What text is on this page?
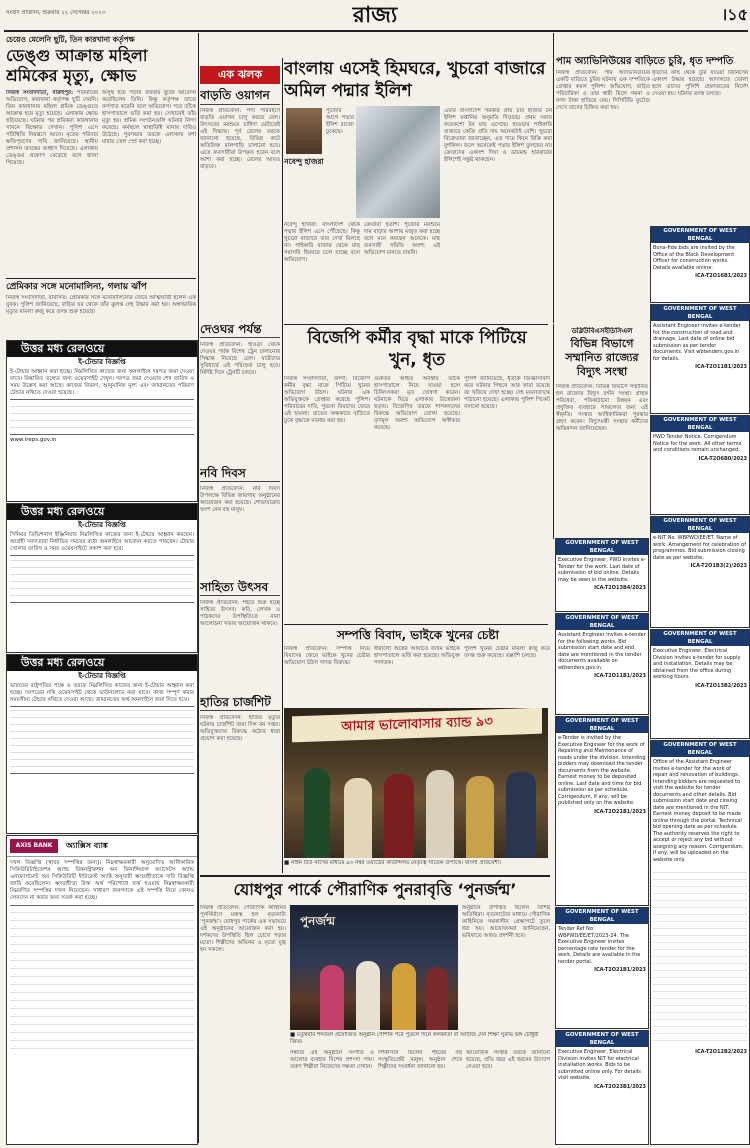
সংবাদ প্রতিদিন, শুক্রবার ২২ সেপ্টেম্বর ২০২৩	রাজ্য	।১৫
চেয়েও মেলেনি ছুটি, তিন কারখানা কর্তৃপক্ষ
ডেঙ্গু আক্রান্ত মহিলা শ্রমিকের মৃত্যু, ক্ষোভ
নিজস্ব সংবাদদাতা, বারুইপুর: পরিবারের অভিযোগ, কারখানা কর্তৃপক্ষ ছুটি দেয়নি। তিন কারখানার মহিলা শ্রমিক ডেঙ্গুতে আক্রান্ত হয়ে মৃত্যু হয়েছে। এলাকায় ক্ষোভ ছড়িয়েছে। ঘটনার পর শ্রমিকরা কারখানার সামনে বিক্ষোভ দেখান। পুলিশ এসে পরিস্থিতি নিয়ন্ত্রণে আনে। মৃতের পরিবার ক্ষতিপূরণের দাবি জানিয়েছে। স্থানীয় প্রশাসন তদন্তের আশ্বাস দিয়েছে। এলাকায় ডেঙ্গুর প্রকোপ বেড়েছে বলে জানা গিয়েছে।
অসুস্থ হয়ে পড়ায় বারবার ছুটির আবেদন করেছিলেন তিনি। কিন্তু কর্তৃপক্ষ তাতে কর্ণপাত করেনি বলে অভিযোগ। পরে তাঁকে হাসপাতালে ভর্তি করা হয়। সেখানেই তাঁর মৃত্যু হয়। শ্রমিক সংগঠনগুলি ঘটনার নিন্দা করেছে। কর্মস্থলে স্বাস্থ্যবিধি মানার দাবিও উঠেছে। পুরসভার তরফে এলাকায় মশা মারার তেল স্প্রে করা হচ্ছে।
প্রেমিকার সঙ্গে মনোমালিন্য, গলায় ঝাঁপ
নিজস্ব সংবাদদাতা, বারাসত: প্রেমিকার সঙ্গে মনোমালিন্যের জেরে আত্মঘাতী হলেন এক যুবক। পুলিশ জানিয়েছে, বাড়ির ঘর থেকে তাঁর ঝুলন্ত দেহ উদ্ধার করা হয়। অস্বাভাবিক মৃত্যুর মামলা রুজু করে তদন্ত শুরু হয়েছে।
উত্তর মধ্য রেলওয়ে
ই-টেন্ডার বিজ্ঞপ্তি
ই-টেন্ডার আহ্বান করা হচ্ছে। নিম্নলিখিত কাজের জন্য অনলাইনে দরপত্র জমা দেওয়া যাবে। বিস্তারিত তথ্যের জন্য ওয়েবসাইট দেখুন। দরপত্র জমা দেওয়ার শেষ তারিখ ও সময় উল্লেখ করা আছে। কাজের বিবরণ, আনুমানিক মূল্য এবং জামানতের পরিমাণ টেন্ডার নথিতে দেওয়া হয়েছে।
www.ireps.gov.in
উত্তর মধ্য রেলওয়ে
ই-টেন্ডার বিজ্ঞপ্তি
সিনিয়র ডিভিশনাল ইঞ্জিনিয়ার নিম্নলিখিত কাজের জন্য ই-টেন্ডার আহ্বান করছেন। আগ্রহী দরদাতারা নির্ধারিত সময়ের মধ্যে অনলাইনে আবেদন করতে পারবেন। টেন্ডার খোলার তারিখ ও সময় ওয়েবসাইটে প্রকাশ করা হবে।
উত্তর মধ্য রেলওয়ে
ই-টেন্ডার বিজ্ঞপ্তি
ভারতের রাষ্ট্রপতির পক্ষে ও তরফে নিম্নলিখিত কাজের জন্য ই-টেন্ডার আহ্বান করা হচ্ছে। দরপত্রের নথি ওয়েবসাইট থেকে ডাউনলোড করা যাবে। কাজ সম্পূর্ণ করার সময়সীমা টেন্ডার নথিতে দেওয়া আছে। জামানতের অর্থ অনলাইনে জমা দিতে হবে।
AXIS BANK	অ্যাক্সিস ব্যাঙ্ক
দখল বিজ্ঞপ্তি (স্থাবর সম্পত্তির জন্য)। নিম্নস্বাক্ষরকারী অনুমোদিত আধিকারিক সিকিউরিটাইজেশন অ্যান্ড রিকনস্ট্রাকশন অব ফিনান্সিয়াল অ্যাসেটস অ্যান্ড এনফোর্সমেন্ট অব সিকিউরিটি ইন্টারেস্ট অ্যাক্ট অনুযায়ী ঋণগ্রহীতাকে দাবি বিজ্ঞপ্তি জারি করেছিলেন। ঋণগ্রহীতা উক্ত অর্থ পরিশোধে ব্যর্থ হওয়ায় নিম্নস্বাক্ষরকারী নিম্নবর্ণিত সম্পত্তির দখল নিয়েছেন। সাধারণ জনগণকে এই সম্পত্তি নিয়ে কোনও লেনদেন না করার জন্য সতর্ক করা হচ্ছে।
এক ঝলক
বাড়তি ওয়াগন
নিজস্ব প্রতিবেদন: পণ্য পরিবহণে বাড়তি ওয়াগন চালু করছে রেল। উৎসবের মরশুমে চাহিদা মেটাতেই এই সিদ্ধান্ত। পূর্ব রেলের তরফে জানানো হয়েছে, বিভিন্ন রুটে অতিরিক্ত মালগাড়ি চালানো হবে। এতে ব্যবসায়ীরা উপকৃত হবেন বলে আশা করা হচ্ছে। রেলের আয়ও বাড়বে।
দেওঘর পর্যন্ত
নিজস্ব প্রতিবেদন: হাওড়া থেকে দেওঘর পর্যন্ত বিশেষ ট্রেন চালানোর সিদ্ধান্ত নিয়েছে রেল। যাত্রীদের সুবিধার্থে এই পরিষেবা চালু হবে। নির্দিষ্ট দিনে ট্রেনটি চলবে।
নবি দিবস
নিজস্ব প্রতিবেদন: নবি দিবস উপলক্ষে বিভিন্ন জায়গায় অনুষ্ঠানের আয়োজন করা হয়েছে। শোভাযাত্রায় অংশ নেন বহু মানুষ।
সাহিত্য উৎসব
নিজস্ব প্রতিবেদন: শহরে শুরু হচ্ছে সাহিত্য উৎসব। কবি, লেখক ও পাঠকদের উপস্থিতিতে নানা আলোচনা সভার আয়োজন থাকবে।
হাতির চার্জশিট
নিজস্ব প্রতিবেদন: হাতির মৃত্যুর ঘটনায় চার্জশিট জমা দিল বন দপ্তর। অভিযুক্তদের বিরুদ্ধে কঠোর ধারা প্রয়োগ করা হয়েছে।
বাংলায় এসেই হিমঘরে, খুচরো বাজারে অমিল পদ্মার ইলিশ
নবেন্দু হাজরা
পুজোর আগে পদ্মার ইলিশ রাজ্যে ঢুকেছে।
নবেন্দু হাজরা: বাংলাদেশ থেকে পদ্মার ইলিশ এসে পৌঁছেছে। কিন্তু খুচরো বাজারে তার দেখা মিলছে না। পাইকারি বাজার থেকে মাছ সরাসরি হিমঘরে চলে যাচ্ছে বলে অভিযোগ।
ক্রেতারা হতাশ। পুজোর মরশুমে দাম বাড়ার আশায় মজুত করা হচ্ছে বলে মনে করছেন অনেকে। মাছ ব্যবসায়ী সমিতি অবশ্য এই অভিযোগ মানতে চায়নি।
এবার বাংলাদেশ সরকার প্রায় চার হাজার টন ইলিশ রপ্তানির অনুমতি দিয়েছে। প্রথম দফায় কয়েকশো টন মাছ এসেছে। হাওড়ার পাইকারি বাজারে কেজি প্রতি দাম অনেকটাই বেশি। খুচরো বিক্রেতারা জানাচ্ছেন, এত দামে কিনে বিক্রি করা মুশকিল। ফলে অনেকেই পদ্মার ইলিশ তুলছেন না। ক্রেতাদের একাংশ দিঘা ও ডায়মন্ড হারবারের ইলিশেই সন্তুষ্ট থাকছেন।
পাম অ্যাভিনিউয়ের বাড়িতে চুরি, ধৃত দম্পতি
নিজস্ব প্রতিবেদন: পাম অ্যাভিনিউয়ের একটি বাড়িতে চুরির ঘটনায় এক দম্পতিকে গ্রেপ্তার করল পুলিশ। অভিযোগ, বাড়ির পরিচারিকা ও তার স্বামী মিলে গয়না ও নগদ টাকা হাতিয়ে নেয়। সিসিটিভি ফুটেজ দেখে তাদের চিহ্নিত করা হয়।
ধৃতদের কাছ থেকে চুরি যাওয়া জিনিসের একাংশ উদ্ধার হয়েছে। আদালতে তোলা হলে তাদের পুলিশি হেফাজতের নির্দেশ দেওয়া হয়। ঘটনার তদন্ত চলছে।
বিজেপি কর্মীর বৃদ্ধা মাকে পিটিয়ে খুন, ধৃত
নিজস্ব সংবাদদাতা, বনগাঁ: বিজেপি কর্মীর বৃদ্ধা মাকে পিটিয়ে খুনের অভিযোগ উঠল। ঘটনায় এক অভিযুক্তকে গ্রেপ্তার করেছে পুলিশ। পরিবারের দাবি, পুরনো বিবাদের জেরে এই হামলা। রাতের অন্ধকারে বাড়িতে ঢুকে বৃদ্ধাকে মারধর করা হয়।
গুরুতর আহত অবস্থায় তাঁকে হাসপাতালে নিয়ে যাওয়া হলে চিকিৎসকরা মৃত ঘোষণা করেন। ঘটনাকে ঘিরে এলাকায় উত্তেজনা ছড়ায়। বিজেপির তরফে শাসকদলের বিরুদ্ধে অভিযোগ তোলা হয়েছে। তৃণমূল অবশ্য অভিযোগ অস্বীকার করেছে।
পুলিশ জানিয়েছে, ধৃতকে জিজ্ঞাসাবাদ করে ঘটনার পিছনে আর কারা রয়েছে তা খতিয়ে দেখা হচ্ছে। দেহ ময়নাতদন্তে পাঠানো হয়েছে। এলাকায় পুলিশ পিকেট বসানো হয়েছে।
ডব্লিউবিএসইডিসিএল
বিভিন্ন বিভাগে সম্মানিত রাজ্যের বিদ্যুৎ সংস্থা
নিজস্ব প্রতিবেদন: বিভিন্ন বিভাগে সম্মানিত হল রাজ্যের বিদ্যুৎ বণ্টন সংস্থা। গ্রাহক পরিষেবা, পরিকাঠামো উন্নয়ন এবং প্রযুক্তির ব্যবহারে সাফল্যের জন্য এই স্বীকৃতি। সংস্থার আধিকারিকরা পুরস্কার গ্রহণ করেন। বিদ্যুৎমন্ত্রী সংস্থার কর্মীদের অভিনন্দন জানিয়েছেন।
সম্পত্তি বিবাদ, ভাইকে খুনের চেষ্টা
নিজস্ব প্রতিবেদন: সম্পত্তি নিয়ে বিবাদের জেরে ভাইকে খুনের চেষ্টার অভিযোগ উঠল দাদার বিরুদ্ধে।
ধারালো অস্ত্রের আঘাতে জখম ভাইকে হাসপাতালে ভর্তি করা হয়েছে। অভিযুক্ত পলাতক।
পুলিশ খুনের চেষ্টার মামলা রুজু করে তদন্ত শুরু করেছে। তল্লাশি চলছে।
আমার ভালোবাসার ব্যান্ড ৯৩
■ নাইন টিউ নাগের মাধ্যমে ৯৩ নম্বর ওয়ার্ডের কাউন্সিলর নেতৃত্বে সাতেক উপাত্তে। বাংলা প্রতিবেশী।
যোধপুর পার্কে পৌরাণিক পুনরাবৃত্তি ‘পুনর্জন্ম’
নিজস্ব প্রতিবেদন: পৌরাণিক কাহিনির পুনর্নির্মাণে মঞ্চস্থ হল নৃত্যনাট্য ‘পুনর্জন্ম’। যোধপুর পার্কের এক সভাঘরে এই অনুষ্ঠানের আয়োজন করা হয়। দর্শকদের উপস্থিতি ছিল চোখে পড়ার মতো। শিল্পীদের অভিনয় ও নৃত্যে মুগ্ধ হন সকলে।
পুনর্জন্ম
অনুষ্ঠানে উপস্থিত ছিলেন বিশিষ্ট অতিথিরা। নৃত্যনাট্যের মাধ্যমে পৌরাণিক কাহিনিকে সমকালীন প্রেক্ষাপটে তুলে ধরা হয়। আয়োজকরা জানিয়েছেন, ভবিষ্যতে আরও প্রদর্শনী হবে।
■ চতুর্থবার শব্দজল প্রযোজিত অনুষ্ঠান পোশাক পর্বে পুত্রলে দিনে কলকাতা বা আর্টিজ দেন শিক্ষা সুরভি ভঙ্গ চৌধুরী জিত।
সন্ধ্যার এই অনুষ্ঠানে সংগীত ও আলোর ব্যবহার বিশেষ প্রশংসা পায়। তরুণ শিল্পীরা নিজেদের দক্ষতা দেখান।
দর্শকাসনে ছিলেন শহরের বহু সংস্কৃতিপ্রেমী মানুষ। অনুষ্ঠান শেষে শিল্পীদের সংবর্ধনা জানানো হয়।
আয়োজক সংস্থার তরফে জানানো হয়েছে, প্রতি বছর এই ধরনের উদ্যোগ নেওয়া হবে।
GOVERNMENT OF WEST BENGAL
Executive Engineer, PWD invites e-Tender for the work. Last date of submission of bid online. Details may be seen in the website.
ICA-T2O13B4/2023
GOVERNMENT OF WEST BENGAL
Assistant Engineer invites e-tender for the following works. Bid submission start date and end date are mentioned in the tender documents available on wbtenders.gov.in.
ICA-T2O11B1/2023
GOVERNMENT OF WEST BENGAL
e-Tender is invited by the Executive Engineer for the work of Repairing and Maintenance of roads under the division. Intending bidders may download the tender documents from the website. Earnest money to be deposited online. Last date and time for bid submission as per schedule. Corrigendum, if any, will be published only on the website.
ICA-T2O21B1/2023
GOVERNMENT OF WEST BENGAL
Tender Ref No: WBPWD/EE/ET/2023-24. The Executive Engineer invites percentage rate tender for the work. Details are available in the tender portal.
ICA-T2O21B1/2023
GOVERNMENT OF WEST BENGAL
Executive Engineer, Electrical Division invites NIT for electrical installation works. Bids to be submitted online only. For details visit website.
ICA-T2O23B1/2023
GOVERNMENT OF WEST BENGAL
Bona-fide bids are invited by the Office of the Block Development Officer for construction works. Details available online.
ICA-T2O16B1/2023
GOVERNMENT OF WEST BENGAL
Assistant Engineer invites e-tender for the construction of road and drainage. Last date of online bid submission as per tender documents. Visit wbtenders.gov.in for details.
ICA-T2O11B1/2023
GOVERNMENT OF WEST BENGAL
PWD Tender Notice. Corrigendum Notice for the work. All other terms and conditions remain unchanged.
ICA-T2O6B0/2023
GOVERNMENT OF WEST BENGAL
e-NIT No. WBPWD/EE/ET. Name of work: Arrangement for celebration of programmes. Bid submission closing date as per website.
ICA-T2O1B3(2)/2023
GOVERNMENT OF WEST BENGAL
Executive Engineer, Electrical Division invites e-tender for supply and installation. Details may be obtained from the office during working hours.
ICA-T2O13B2/2023
GOVERNMENT OF WEST BENGAL
Office of the Assistant Engineer invites e-tender for the work of repair and renovation of buildings. Intending bidders are requested to visit the website for tender documents and other details. Bid submission start date and closing date are mentioned in the NIT. Earnest money deposit to be made online through the portal. Technical bid opening date as per schedule. The authority reserves the right to accept or reject any bid without assigning any reason. Corrigendum, if any, will be uploaded on the website only.
ICA-T2O12B2/2023
